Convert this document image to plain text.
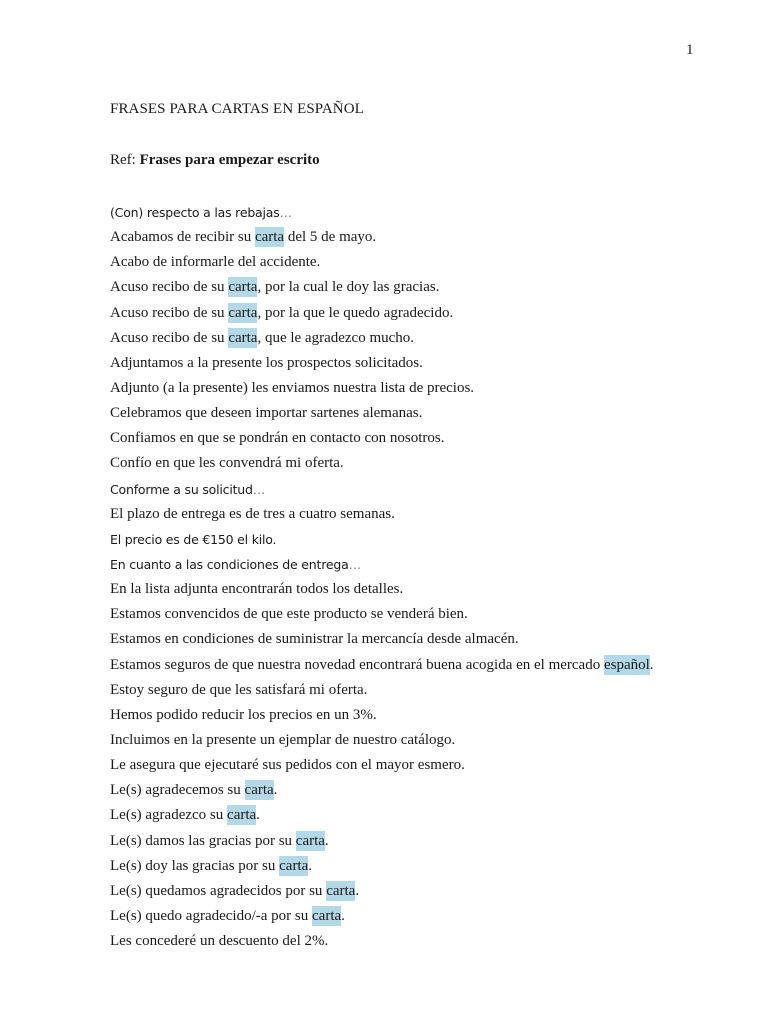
1
FRASES PARA CARTAS EN ESPAÑOL
Ref: Frases para empezar escrito
(Con) respecto a las rebajas…
Acabamos de recibir su carta del 5 de mayo.
Acabo de informarle del accidente.
Acuso recibo de su carta, por la cual le doy las gracias.
Acuso recibo de su carta, por la que le quedo agradecido.
Acuso recibo de su carta, que le agradezco mucho.
Adjuntamos a la presente los prospectos solicitados.
Adjunto (a la presente) les enviamos nuestra lista de precios.
Celebramos que deseen importar sartenes alemanas.
Confiamos en que se pondrán en contacto con nosotros.
Confío en que les convendrá mi oferta.
Conforme a su solicitud…
El plazo de entrega es de tres a cuatro semanas.
El precio es de €150 el kilo.
En cuanto a las condiciones de entrega…
En la lista adjunta encontrarán todos los detalles.
Estamos convencidos de que este producto se venderá bien.
Estamos en condiciones de suministrar la mercancía desde almacén.
Estamos seguros de que nuestra novedad encontrará buena acogida en el mercado español.
Estoy seguro de que les satisfará mi oferta.
Hemos podido reducir los precios en un 3%.
Incluimos en la presente un ejemplar de nuestro catálogo.
Le asegura que ejecutaré sus pedidos con el mayor esmero.
Le(s) agradecemos su carta.
Le(s) agradezco su carta.
Le(s) damos las gracias por su carta.
Le(s) doy las gracias por su carta.
Le(s) quedamos agradecidos por su carta.
Le(s) quedo agradecido/-a por su carta.
Les concederé un descuento del 2%.
